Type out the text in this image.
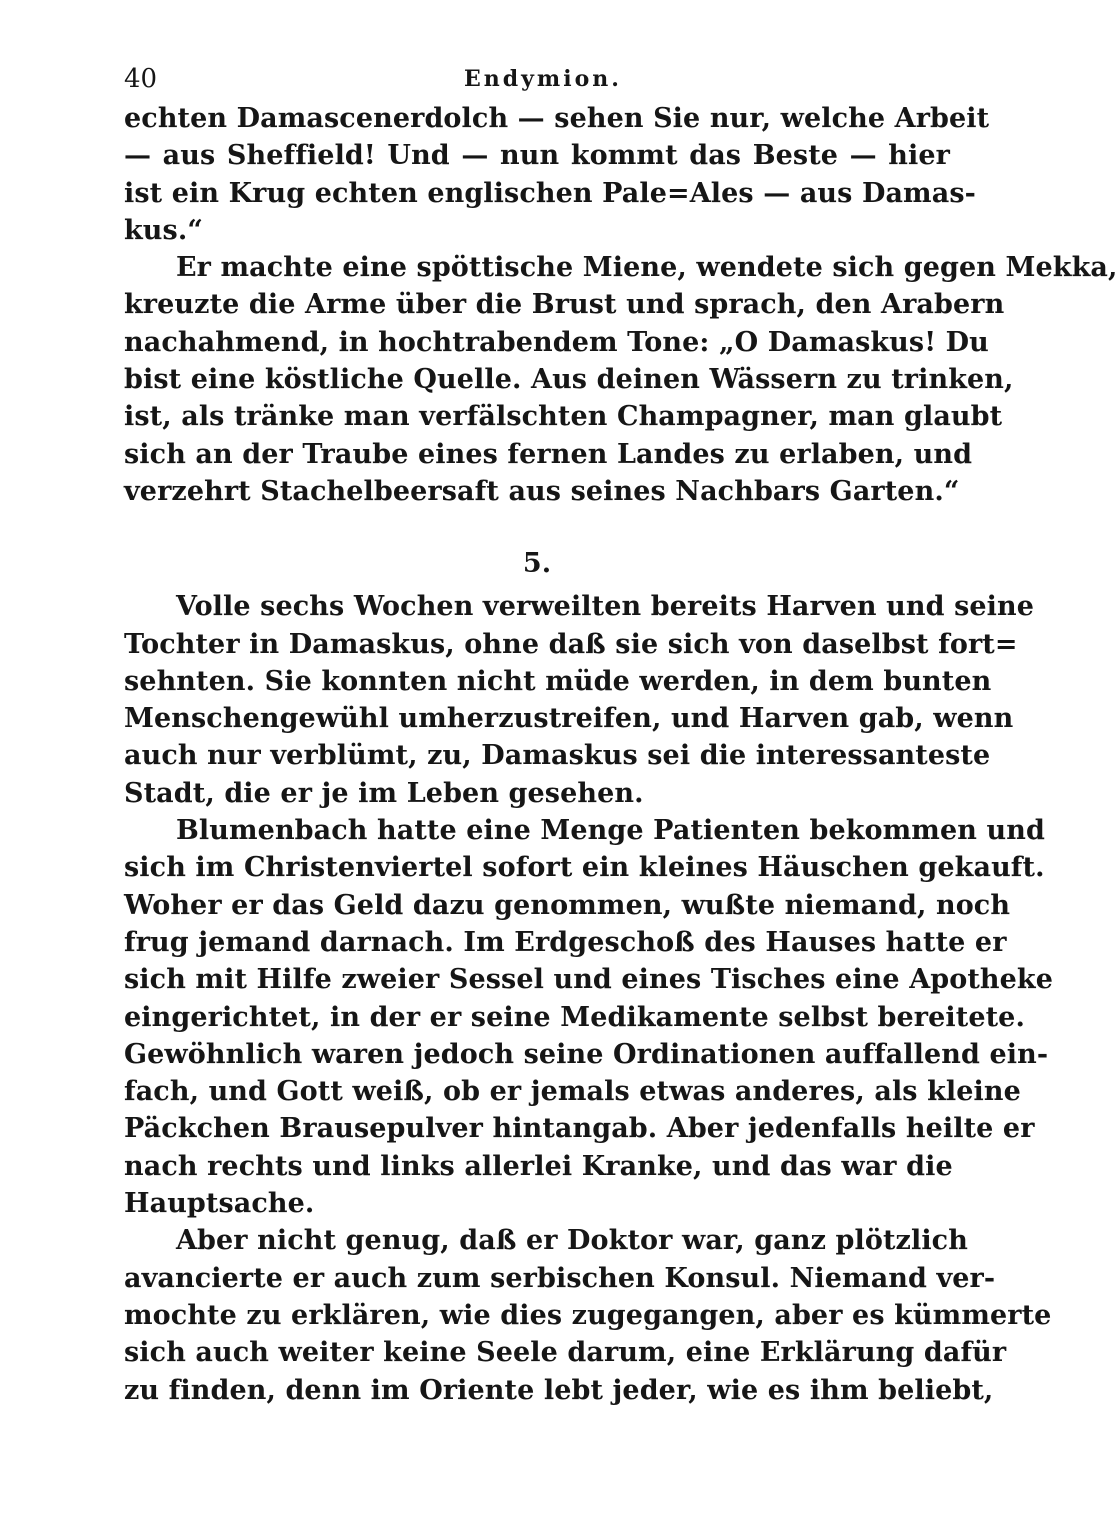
40	Endymion.
echten Damascenerdolch — sehen Sie nur, welche Arbeit
— aus Sheffield! Und — nun kommt das Beste — hier
ist ein Krug echten englischen Pale=Ales — aus Damas-
kus.“
Er machte eine spöttische Miene, wendete sich gegen Mekka,
kreuzte die Arme über die Brust und sprach, den Arabern
nachahmend, in hochtrabendem Tone: „O Damaskus! Du
bist eine köstliche Quelle. Aus deinen Wässern zu trinken,
ist, als tränke man verfälschten Champagner, man glaubt
sich an der Traube eines fernen Landes zu erlaben, und
verzehrt Stachelbeersaft aus seines Nachbars Garten.“
5.
Volle sechs Wochen verweilten bereits Harven und seine
Tochter in Damaskus, ohne daß sie sich von daselbst fort=
sehnten. Sie konnten nicht müde werden, in dem bunten
Menschengewühl umherzustreifen, und Harven gab, wenn
auch nur verblümt, zu, Damaskus sei die interessanteste
Stadt, die er je im Leben gesehen.
Blumenbach hatte eine Menge Patienten bekommen und
sich im Christenviertel sofort ein kleines Häuschen gekauft.
Woher er das Geld dazu genommen, wußte niemand, noch
frug jemand darnach. Im Erdgeschoß des Hauses hatte er
sich mit Hilfe zweier Sessel und eines Tisches eine Apotheke
eingerichtet, in der er seine Medikamente selbst bereitete.
Gewöhnlich waren jedoch seine Ordinationen auffallend ein-
fach, und Gott weiß, ob er jemals etwas anderes, als kleine
Päckchen Brausepulver hintangab. Aber jedenfalls heilte er
nach rechts und links allerlei Kranke, und das war die
Hauptsache.
Aber nicht genug, daß er Doktor war, ganz plötzlich
avancierte er auch zum serbischen Konsul. Niemand ver-
mochte zu erklären, wie dies zugegangen, aber es kümmerte
sich auch weiter keine Seele darum, eine Erklärung dafür
zu finden, denn im Oriente lebt jeder, wie es ihm beliebt,
